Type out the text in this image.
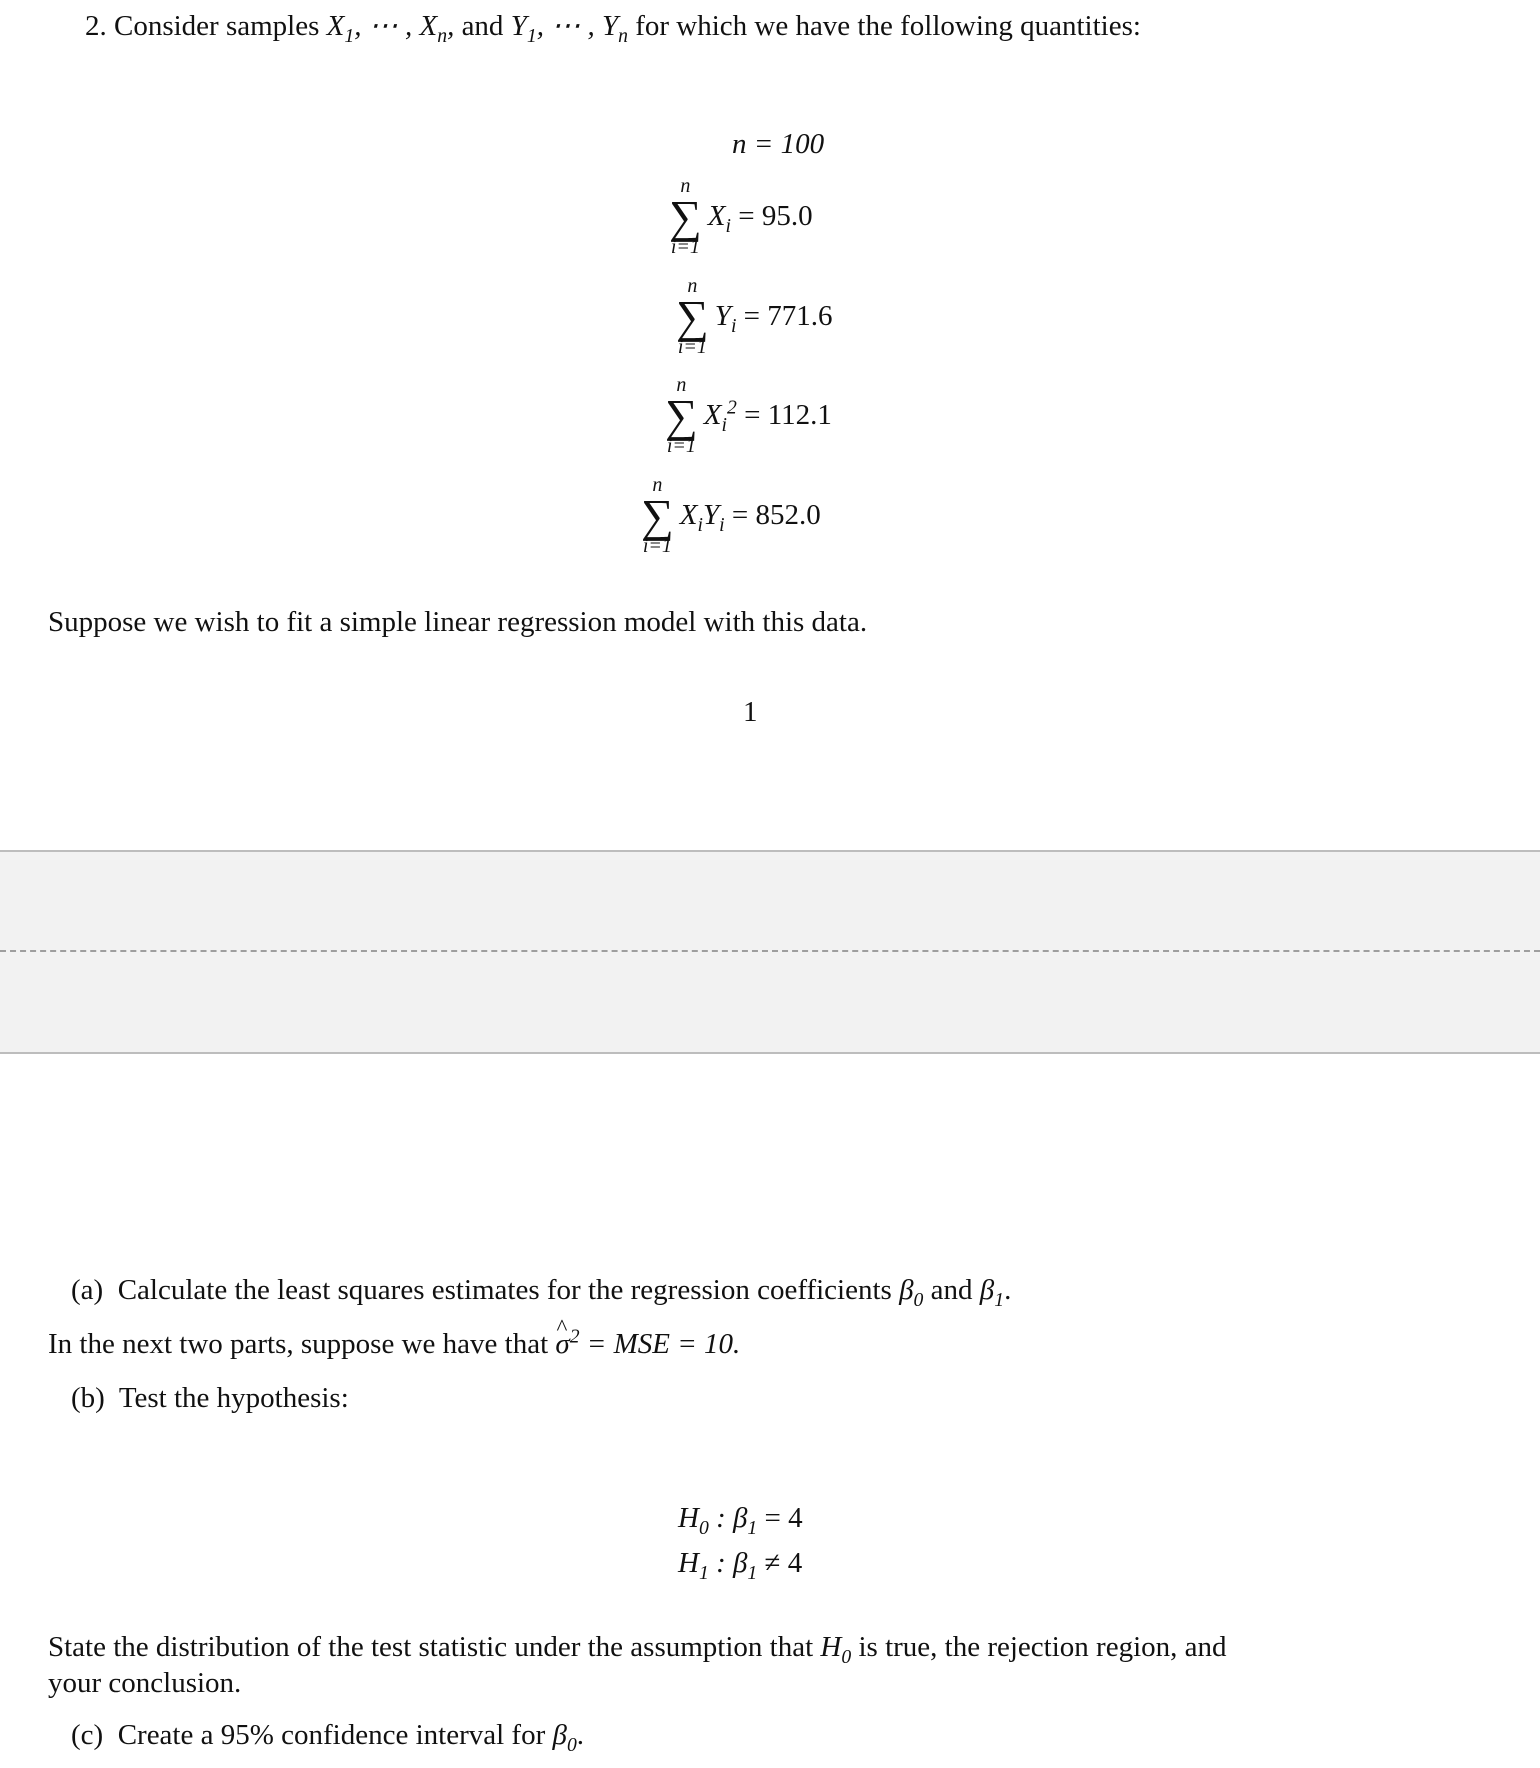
2. Consider samples $X_1$, ⋯ , $X_n$, and $Y_1$, ⋯ , $Y_n$ for which we have the following quantities:
n = 100
n
∑
i=1
$X_i$
= 95.0
n
∑
i=1
$Y_i$
= 771.6
n
∑
i=1
$X_i^2$
= 112.1
n
∑
i=1
$X_iY_i$
= 852.0
Suppose we wish to fit a simple linear regression model with this data.
1
(a) Calculate the least squares estimates for the regression coefficients $\beta_0$ and $\beta_1$.
In the next two parts, suppose we have that ^ $\sigma^2$ = MSE = 10.
(b) Test the hypothesis:
$H_0$ : $\beta_1 = 4$
$H_1$ : $\beta_1 \ne 4$
State the distribution of the test statistic under the assumption that $H_0$ is true, the rejection region, and
your conclusion.
(c) Create a 95% confidence interval for $\beta_0$.
